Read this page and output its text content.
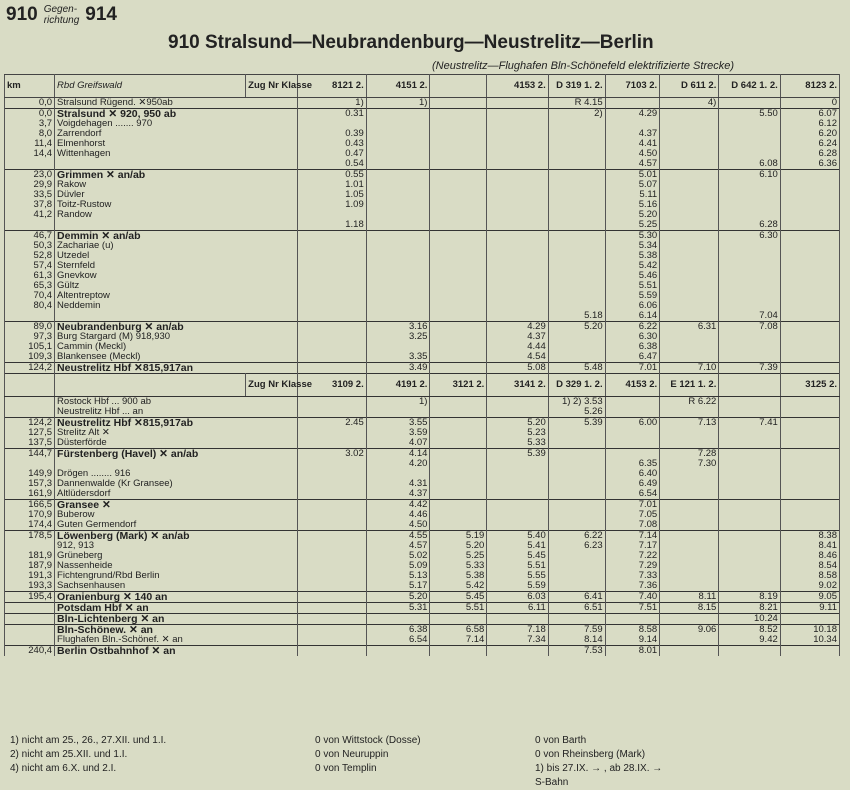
910 Gegen-
richtung 914
910 Stralsund—Neubrandenburg—Neustrelitz—Berlin
(Neustrelitz—Flughafen Bln-Schönefeld elektrifizierte Strecke)
km	Rbd Greifswald	Zug Nr Klasse	8121 2.	4151 2.		4153 2.	D 319 1. 2.	7103 2.	D 611 2.	D 642 1. 2.	8123 2.
0,0	Stralsund Rügend. ✕950ab		1)	1)			R 4.15		4)		0
0,0	Stralsund ✕ 920, 950 ab		0.31				2)	4.29		5.50	6.07
3,7	Voigdehagen ....... 970										6.12
8,0	Zarrendorf		0.39					4.37			6.20
11,4	Elmenhorst		0.43					4.41			6.24
14,4	Wittenhagen		0.47					4.50			6.28
			0.54					4.57		6.08	6.36
23,0	Grimmen ✕ an/ab		0.55					5.01		6.10	
29,9	Rakow		1.01					5.07			
33,5	Düvler		1.05					5.11			
37,8	Toitz-Rustow		1.09					5.16			
41,2	Randow							5.20			
			1.18					5.25		6.28	
46,7	Demmin ✕ an/ab							5.30		6.30	
50,3	Zachariae (u)							5.34			
52,8	Utzedel							5.38			
57,4	Sternfeld							5.42			
61,3	Gnevkow							5.46			
65,3	Gültz							5.51			
70,4	Altentreptow							5.59			
80,4	Neddemin							6.06			
							5.18	6.14		7.04	
89,0	Neubrandenburg ✕ an/ab			3.16		4.29	5.20	6.22	6.31	7.08	
97,3	Burg Stargard (M) 918,930			3.25		4.37		6.30			
105,1	Cammin (Meckl)					4.44		6.38			
109,3	Blankensee (Meckl)			3.35		4.54		6.47			
124,2	Neustrelitz Hbf ✕815,917an			3.49		5.08	5.48	7.01	7.10	7.39	
		Zug Nr Klasse	3109 2.	4191 2.	3121 2.	3141 2.	D 329 1. 2.	4153 2.	E 121 1. 2.		3125 2.
	Rostock Hbf ... 900 ab			1)			1) 2) 3.53		R 6.22		
	Neustrelitz Hbf ... an						5.26				
124,2	Neustrelitz Hbf ✕815,917ab		2.45	3.55		5.20	5.39	6.00	7.13	7.41	
127,5	Strelitz Alt ✕			3.59		5.23					
137,5	Düsterförde			4.07		5.33					
144,7	Fürstenberg (Havel) ✕ an/ab		3.02	4.14		5.39			7.28		
				4.20				6.35	7.30		
149,9	Drögen ........ 916							6.40			
157,3	Dannenwalde (Kr Gransee)			4.31				6.49			
161,9	Altlüdersdorf			4.37				6.54			
166,5	Gransee ✕			4.42				7.01			
170,9	Buberow			4.46				7.05			
174,4	Guten Germendorf			4.50				7.08			
178,5	Löwenberg (Mark) ✕ an/ab			4.55	5.19	5.40	6.22	7.14			8.38
	912, 913			4.57	5.20	5.41	6.23	7.17			8.41
181,9	Grüneberg			5.02	5.25	5.45		7.22			8.46
187,9	Nassenheide			5.09	5.33	5.51		7.29			8.54
191,3	Fichtengrund/Rbd Berlin			5.13	5.38	5.55		7.33			8.58
193,3	Sachsenhausen			5.17	5.42	5.59		7.36			9.02
195,4	Oranienburg ✕ 140 an			5.20	5.45	6.03	6.41	7.40	8.11	8.19	9.05
	Potsdam Hbf ✕ an			5.31	5.51	6.11	6.51	7.51	8.15	8.21	9.11
	Bln-Lichtenberg ✕ an									10.24	
	Bln-Schönew. ✕ an			6.38	6.58	7.18	7.59	8.58	9.06	8.52	10.18
	Flughafen Bln.-Schönef. ✕ an			6.54	7.14	7.34	8.14	9.14		9.42	10.34
240,4	Berlin Ostbahnhof ✕ an						7.53	8.01			
1) nicht am 25., 26., 27.XII. und 1.I.
2) nicht am 25.XII. und 1.I.
4) nicht am 6.X. und 2.I.
0 von Wittstock (Dosse)
0 von Neuruppin
0 von Templin
0 von Barth
0 von Rheinsberg (Mark)
1) bis 27.IX. → , ab 28.IX. →
S-Bahn
